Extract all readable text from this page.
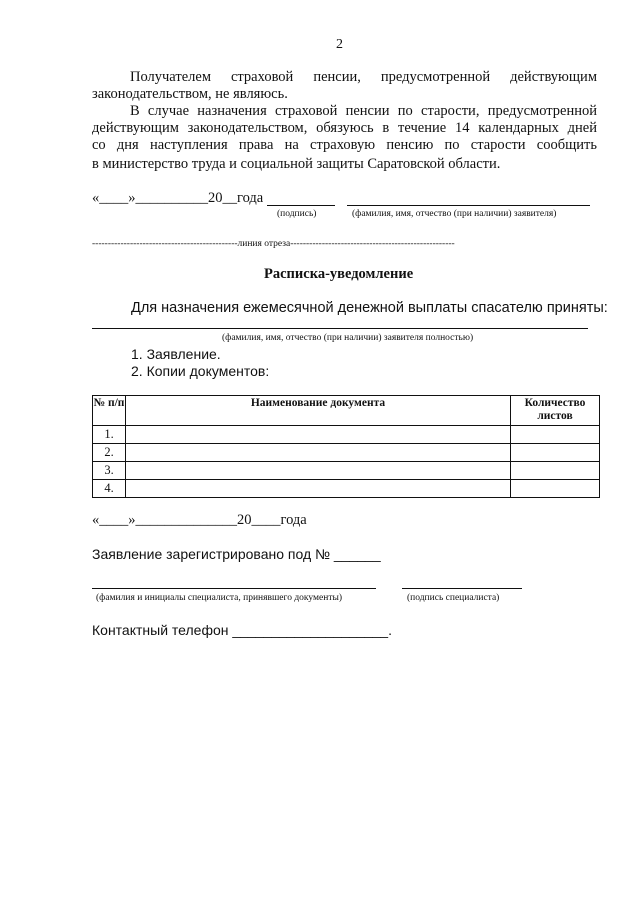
2
Получателем страховой пенсии, предусмотренной действующим
законодательством, не являюсь.
В случае назначения страховой пенсии по старости, предусмотренной
действующим законодательством, обязуюсь в течение 14 календарных дней
со дня наступления права на страховую пенсию по старости сообщить
в министерство труда и социальной защиты Саратовской области.
«____»__________20__года
(подпись)	(фамилия, имя, отчество (при наличии) заявителя)
----------------------------------------------линия отреза----------------------------------------------------
Расписка-уведомление
Для назначения ежемесячной денежной выплаты спасателю приняты:
(фамилия, имя, отчество (при наличии) заявителя полностью)
1. Заявление.
2. Копии документов:
№ п/п	Наименование документа	Количество листов
1.		
2.		
3.		
4.		
«____»______________20____года
Заявление зарегистрировано под № ______
(фамилия и инициалы специалиста, принявшего документы)	(подпись специалиста)
Контактный телефон ____________________.
